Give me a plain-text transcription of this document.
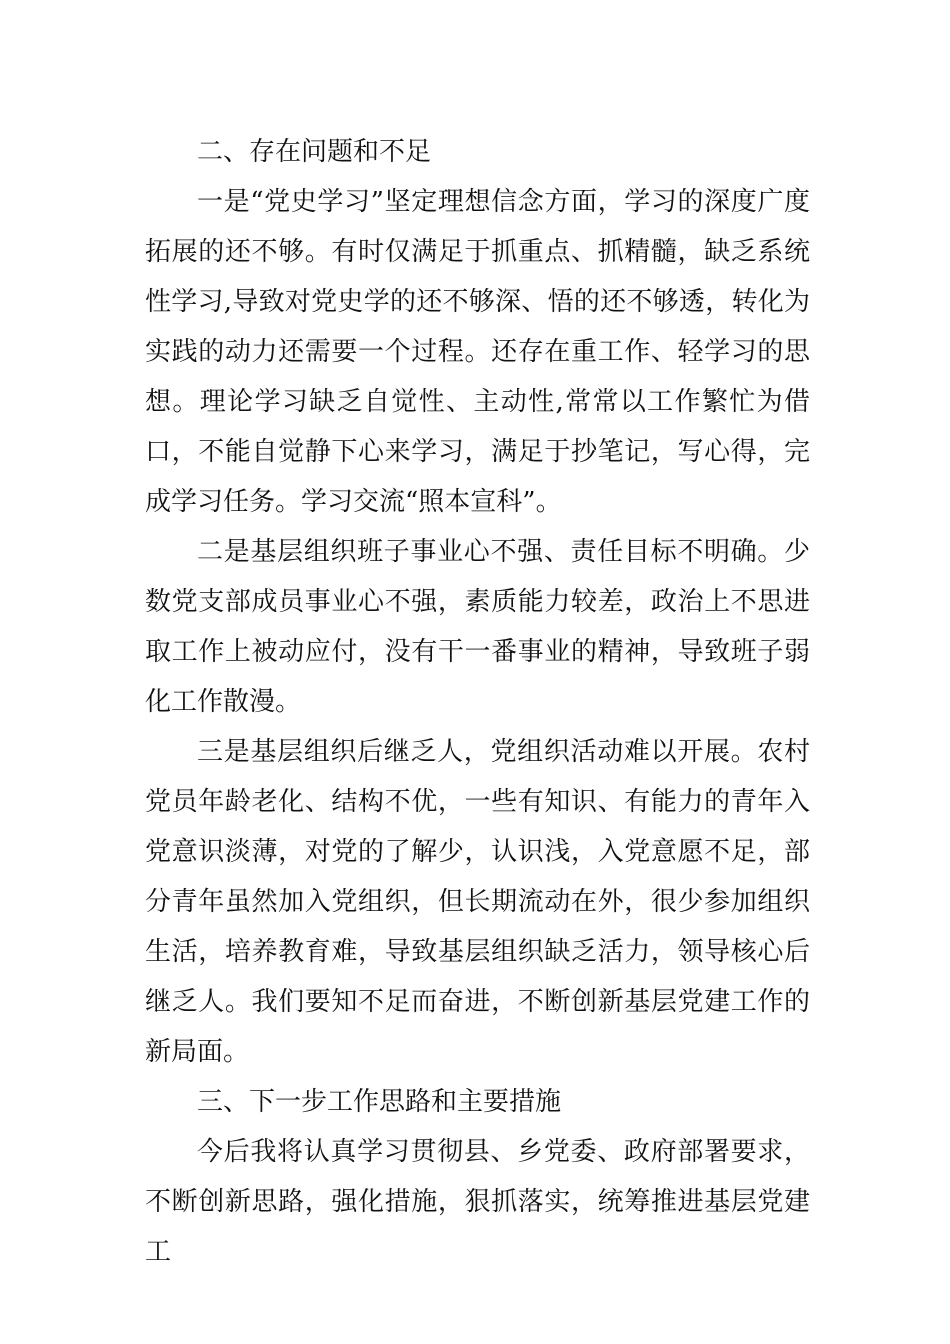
二、存在问题和不足

一是“党史学习”坚定理想信念方面，学习的深度广度拓展的还不够。有时仅满足于抓重点、抓精髓，缺乏系统性学习,导致对党史学的还不够深、悟的还不够透，转化为实践的动力还需要一个过程。还存在重工作、轻学习的思想。理论学习缺乏自觉性、主动性,常常以工作繁忙为借口，不能自觉静下心来学习，满足于抄笔记，写心得，完成学习任务。学习交流“照本宣科”。

二是基层组织班子事业心不强、责任目标不明确。少数党支部成员事业心不强，素质能力较差，政治上不思进取工作上被动应付，没有干一番事业的精神，导致班子弱化工作散漫。

三是基层组织后继乏人，党组织活动难以开展。农村党员年龄老化、结构不优，一些有知识、有能力的青年入党意识淡薄，对党的了解少，认识浅，入党意愿不足，部分青年虽然加入党组织，但长期流动在外，很少参加组织生活，培养教育难，导致基层组织缺乏活力，领导核心后继乏人。我们要知不足而奋进，不断创新基层党建工作的新局面。

三、下一步工作思路和主要措施

今后我将认真学习贯彻县、乡党委、政府部署要求，不断创新思路，强化措施，狠抓落实，统筹推进基层党建工
